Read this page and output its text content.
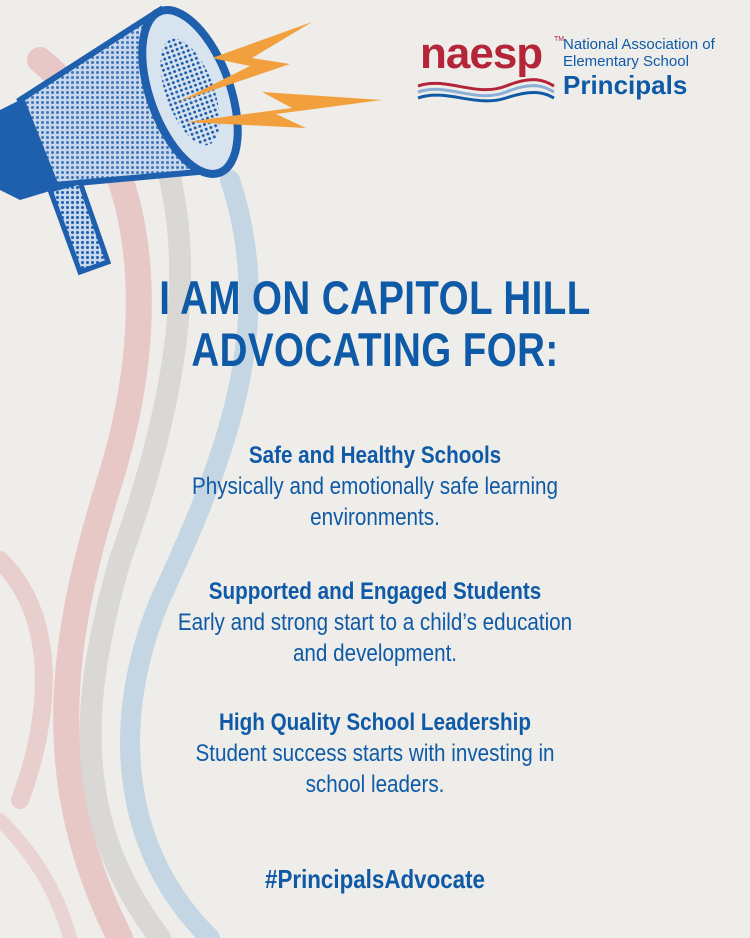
naesp TM
National Association of
Elementary School
Principals
I AM ON CAPITOL HILL
ADVOCATING FOR:
Safe and Healthy Schools
Physically and emotionally safe learning
environments.
Supported and Engaged Students
Early and strong start to a child’s education
and development.
High Quality School Leadership
Student success starts with investing in
school leaders.
#PrincipalsAdvocate
